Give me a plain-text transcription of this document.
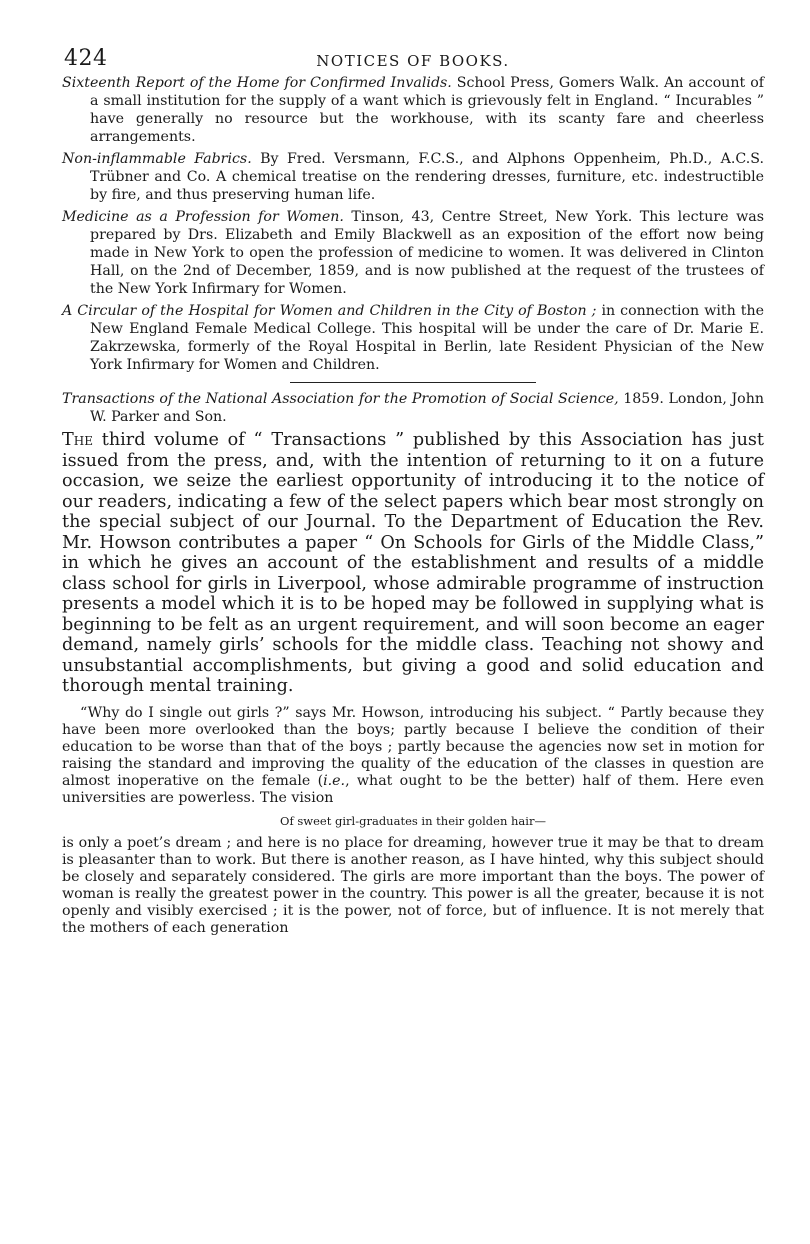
424	NOTICES OF BOOKS.

Sixteenth Report of the Home for Confirmed Invalids. School Press, Gomers Walk. An account of a small institution for the supply of a want which is grievously felt in England. “ Incurables ” have generally no resource but the workhouse, with its scanty fare and cheerless arrangements.

Non-inflammable Fabrics. By Fred. Versmann, F.C.S., and Alphons Oppenheim, Ph.D., A.C.S. Trübner and Co. A chemical treatise on the rendering dresses, furniture, etc. indestructible by fire, and thus preserving human life.

Medicine as a Profession for Women. Tinson, 43, Centre Street, New York. This lecture was prepared by Drs. Elizabeth and Emily Blackwell as an exposition of the effort now being made in New York to open the profession of medicine to women. It was delivered in Clinton Hall, on the 2nd of December, 1859, and is now published at the request of the trustees of the New York Infirmary for Women.

A Circular of the Hospital for Women and Children in the City of Boston ; in connection with the New England Female Medical College. This hospital will be under the care of Dr. Marie E. Zakrzewska, formerly of the Royal Hospital in Berlin, late Resident Physician of the New York Infirmary for Women and Children.

Transactions of the National Association for the Promotion of Social Science, 1859. London, John W. Parker and Son.

The third volume of “ Transactions ” published by this Association has just issued from the press, and, with the intention of returning to it on a future occasion, we seize the earliest opportunity of introducing it to the notice of our readers, indicating a few of the select papers which bear most strongly on the special subject of our Journal. To the Department of Education the Rev. Mr. Howson contributes a paper “ On Schools for Girls of the Middle Class,” in which he gives an account of the establishment and results of a middle class school for girls in Liverpool, whose admirable programme of instruction presents a model which it is to be hoped may be followed in supplying what is beginning to be felt as an urgent requirement, and will soon become an eager demand, namely girls’ schools for the middle class. Teaching not showy and unsubstantial accomplishments, but giving a good and solid education and thorough mental training.

“Why do I single out girls ?” says Mr. Howson, introducing his subject. “ Partly because they have been more overlooked than the boys; partly because I believe the condition of their education to be worse than that of the boys ; partly because the agencies now set in motion for raising the standard and improving the quality of the education of the classes in question are almost inoperative on the female (i.e., what ought to be the better) half of them. Here even universities are powerless. The vision

Of sweet girl-graduates in their golden hair—

is only a poet’s dream ; and here is no place for dreaming, however true it may be that to dream is pleasanter than to work. But there is another reason, as I have hinted, why this subject should be closely and separately considered. The girls are more important than the boys. The power of woman is really the greatest power in the country. This power is all the greater, because it is not openly and visibly exercised ; it is the power, not of force, but of influence. It is not merely that the mothers of each generation
